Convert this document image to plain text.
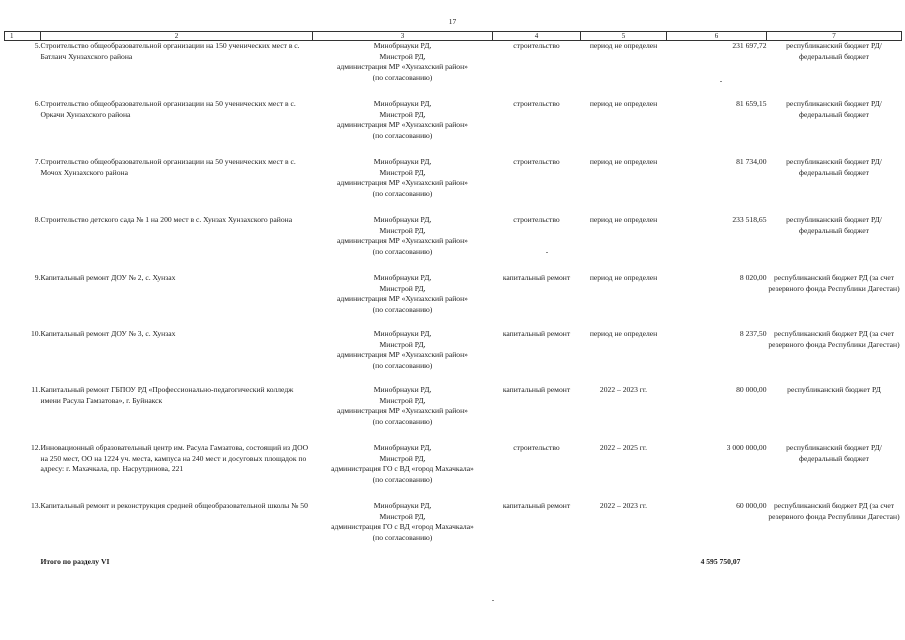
17
1	2	3	4	5	6	7
5.	Строительство общеобразовательной организации на 150 ученических мест в с. Батлаич Хунзахского района	Минобрнауки РД,
Минстрой РД,
администрация МР «Хунзахский район»
(по согласованию)	строительство	период не определен	231 697,72	республиканский бюджет РД/ федеральный бюджет
6.	Строительство общеобразовательной организации на 50 ученических мест в с. Оркачи Хунзахского района	Минобрнауки РД,
Минстрой РД,
администрация МР «Хунзахский район»
(по согласованию)	строительство	период не определен	81 659,15	республиканский бюджет РД/ федеральный бюджет
7.	Строительство общеобразовательной организации на 50 ученических мест в с. Мочох Хунзахского района	Минобрнауки РД,
Минстрой РД,
администрация МР «Хунзахский район»
(по согласованию)	строительство	период не определен	81 734,00	республиканский бюджет РД/ федеральный бюджет
8.	Строительство детского сада № 1 на 200 мест в с. Хунзах Хунзахского района	Минобрнауки РД,
Минстрой РД,
администрация МР «Хунзахский район»
(по согласованию)	строительство	период не определен	233 518,65	республиканский бюджет РД/ федеральный бюджет
9.	Капитальный ремонт ДОУ № 2, с. Хунзах	Минобрнауки РД,
Минстрой РД,
администрация МР «Хунзахский район»
(по согласованию)	капитальный ремонт	период не определен	8 020,00	республиканский бюджет РД (за счет резервного фонда Республики Дагестан)
10.	Капитальный ремонт ДОУ № 3, с. Хунзах	Минобрнауки РД,
Минстрой РД,
администрация МР «Хунзахский район»
(по согласованию)	капитальный ремонт	период не определен	8 237,50	республиканский бюджет РД (за счет резервного фонда Республики Дагестан)
11.	Капитальный ремонт ГБПОУ РД «Профессионально-педагогический колледж имени Расула Гамзатова», г. Буйнакск	Минобрнауки РД,
Минстрой РД,
администрация МР «Хунзахский район»
(по согласованию)	капитальный ремонт	2022 – 2023 гг.	80 000,00	республиканский бюджет РД
12.	Инновационный образовательный центр им. Расула Гамзатова, состоящий из ДОО на 250 мест, ОО на 1224 уч. места, кампуса на 240 мест и досуговых площадок по адресу: г. Махачкала, пр. Насрутдинова, 221	Минобрнауки РД,
Минстрой РД,
администрация ГО с ВД «город Махачкала»
(по согласованию)	строительство	2022 – 2025 гг.	3 000 000,00	республиканский бюджет РД/ федеральный бюджет
13.	Капитальный ремонт и реконструкция средней общеобразовательной школы № 50	Минобрнауки РД,
Минстрой РД,
администрация ГО с ВД «город Махачкала»
(по согласованию)	капитальный ремонт	2022 – 2023 гг.	60 000,00	республиканский бюджет РД (за счет резервного фонда Республики Дагестан)
	Итого по разделу VI				4 595 750,07	
